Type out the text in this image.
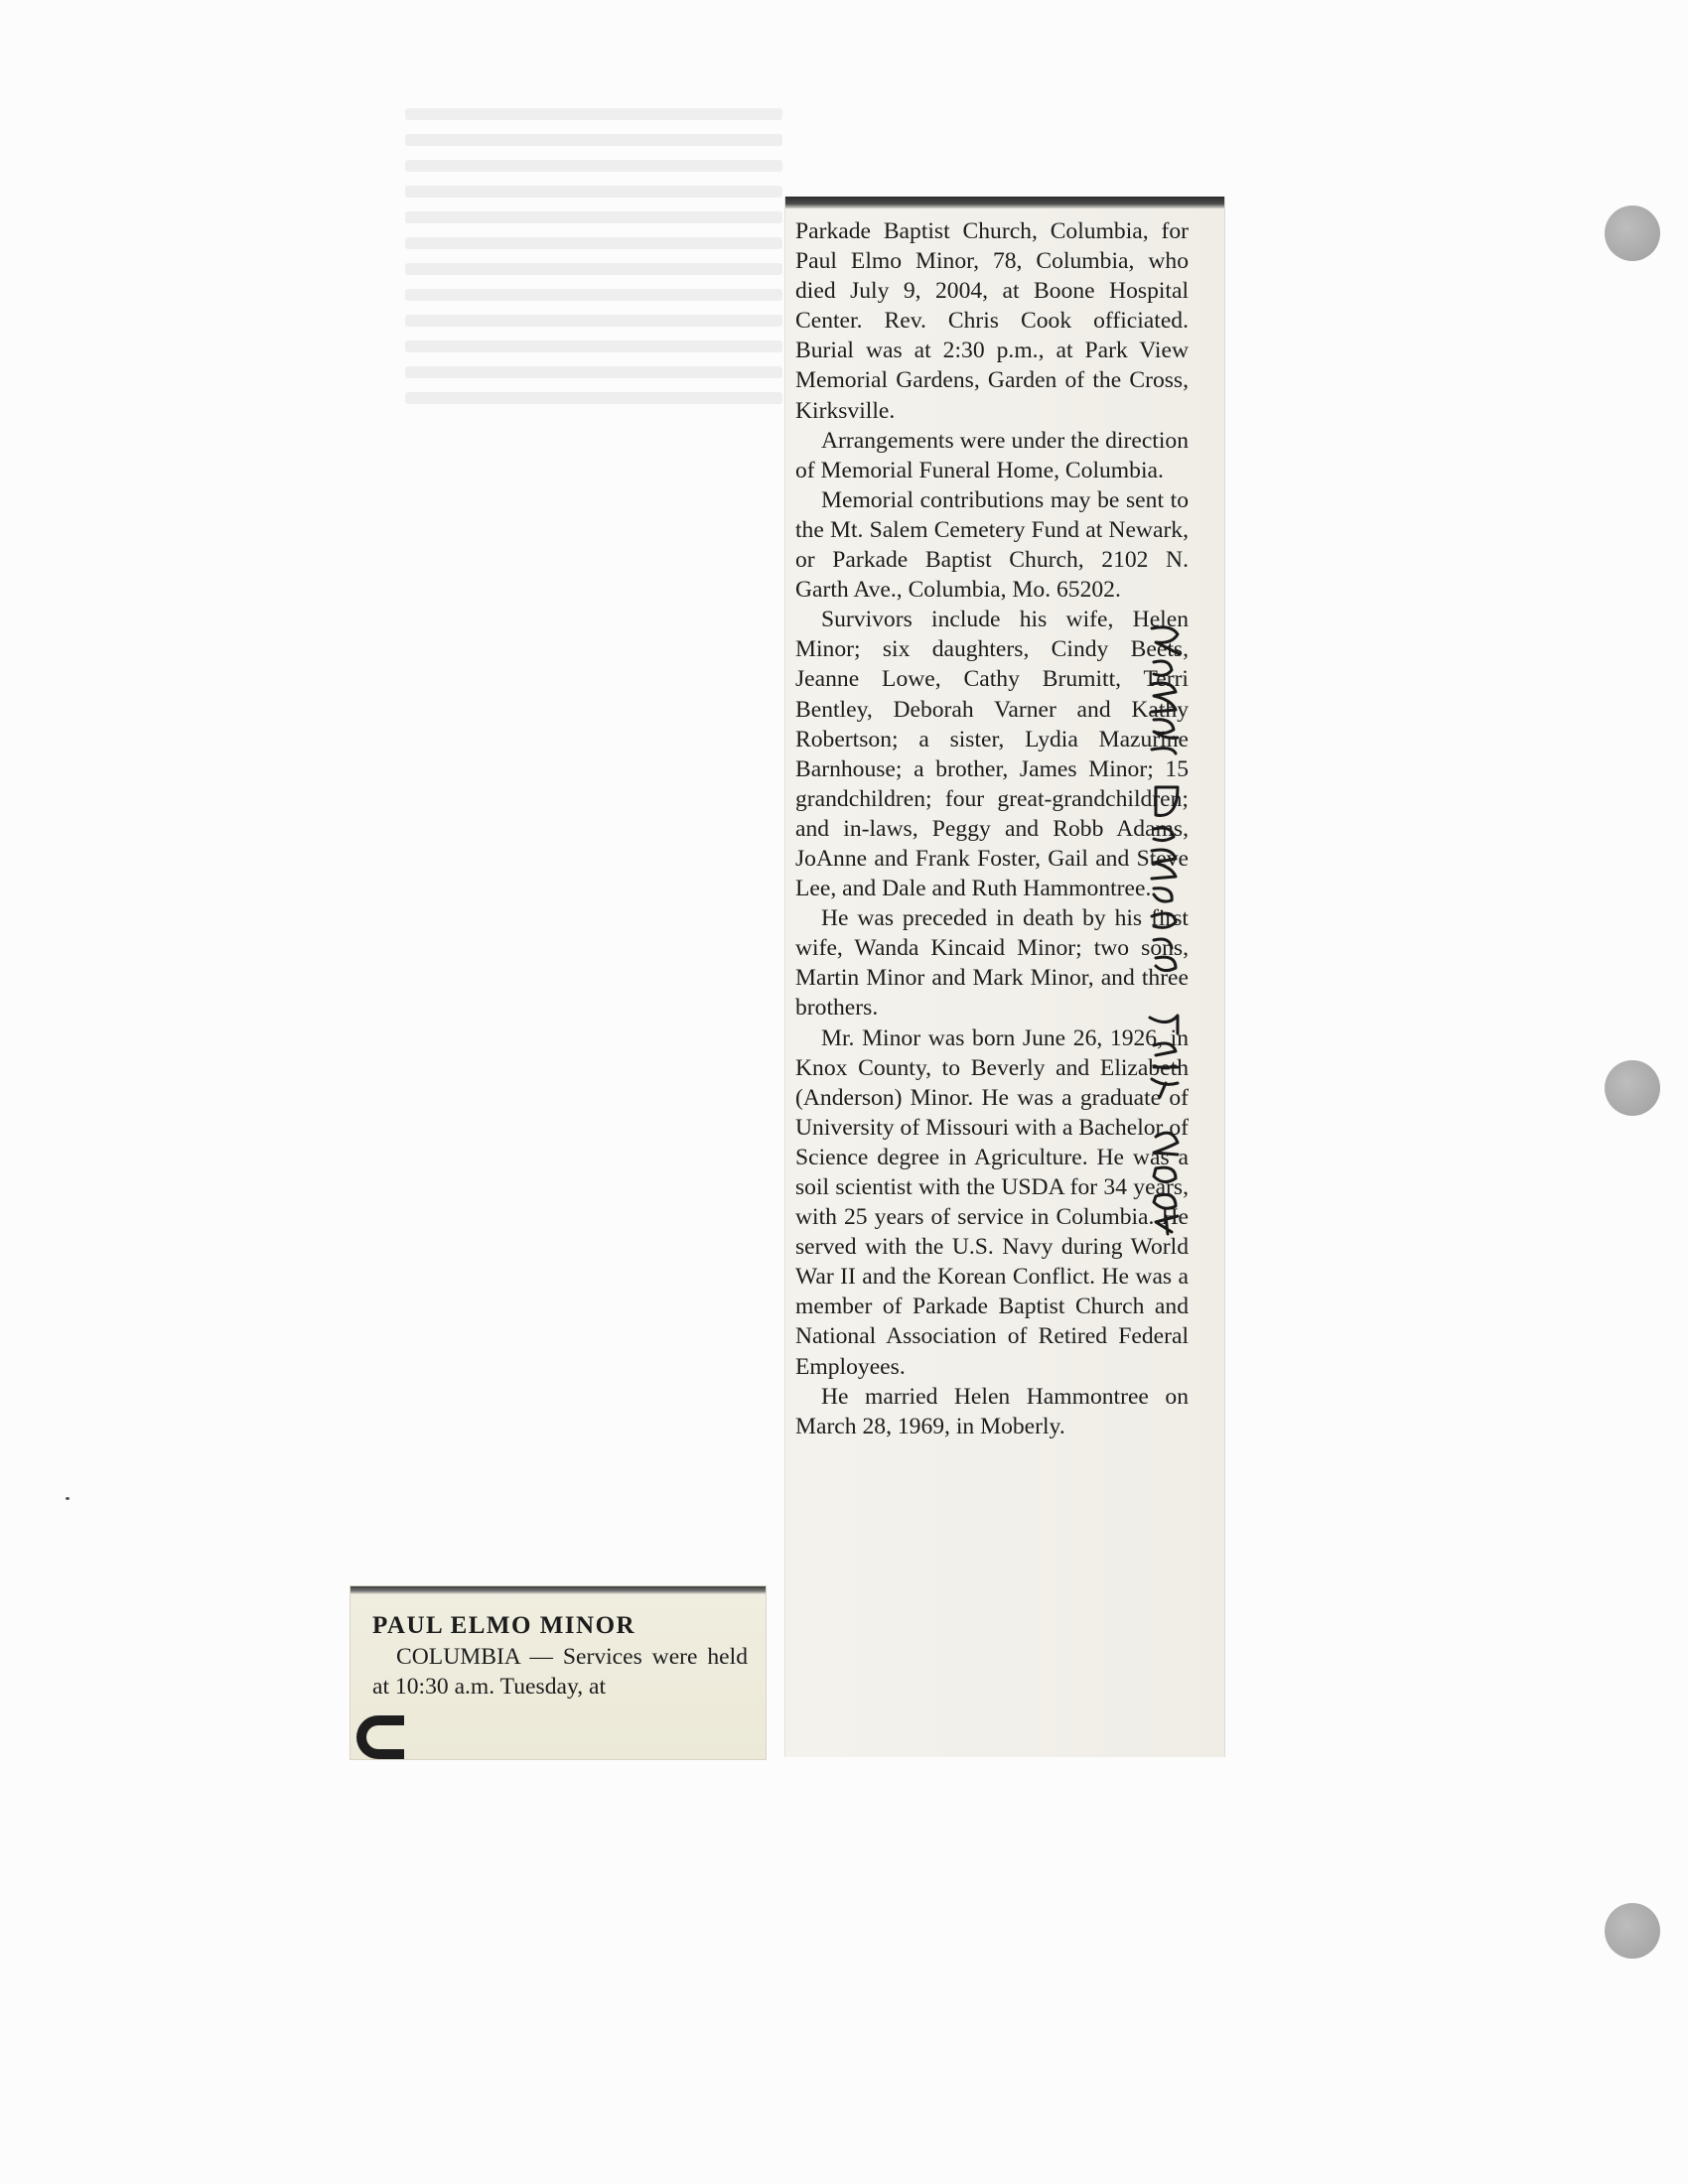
Parkade Baptist Church, Columbia, for Paul Elmo Minor, 78, Columbia, who died July 9, 2004, at Boone Hospital Center. Rev. Chris Cook officiated. Burial was at 2:30 p.m., at Park View Memorial Gardens, Garden of the Cross, Kirksville.

Arrangements were under the direction of Memorial Funeral Home, Columbia.

Memorial contributions may be sent to the Mt. Salem Cemetery Fund at Newark, or Parkade Baptist Church, 2102 N. Garth Ave., Columbia, Mo. 65202.

Survivors include his wife, Helen Minor; six daughters, Cindy Beets, Jeanne Lowe, Cathy Brumitt, Terri Bentley, Deborah Varner and Kathy Robertson; a sister, Lydia Mazurine Barnhouse; a brother, James Minor; 15 grandchildren; four great-grandchildren; and in-laws, Peggy and Robb Adams, JoAnne and Frank Foster, Gail and Steve Lee, and Dale and Ruth Hammontree.

He was preceded in death by his first wife, Wanda Kincaid Minor; two sons, Martin Minor and Mark Minor, and three brothers.

Mr. Minor was born June 26, 1926, in Knox County, to Beverly and Elizabeth (Anderson) Minor. He was a graduate of University of Missouri with a Bachelor of Science degree in Agriculture. He was a soil scientist with the USDA for 34 years, with 25 years of service in Columbia. He served with the U.S. Navy during World War II and the Korean Conflict. He was a member of Parkade Baptist Church and National Association of Retired Federal Employees.

He married Helen Hammontree on March 28, 1969, in Moberly.

PAUL ELMO MINOR

COLUMBIA — Services were held at 10:30 a.m. Tuesday, at
